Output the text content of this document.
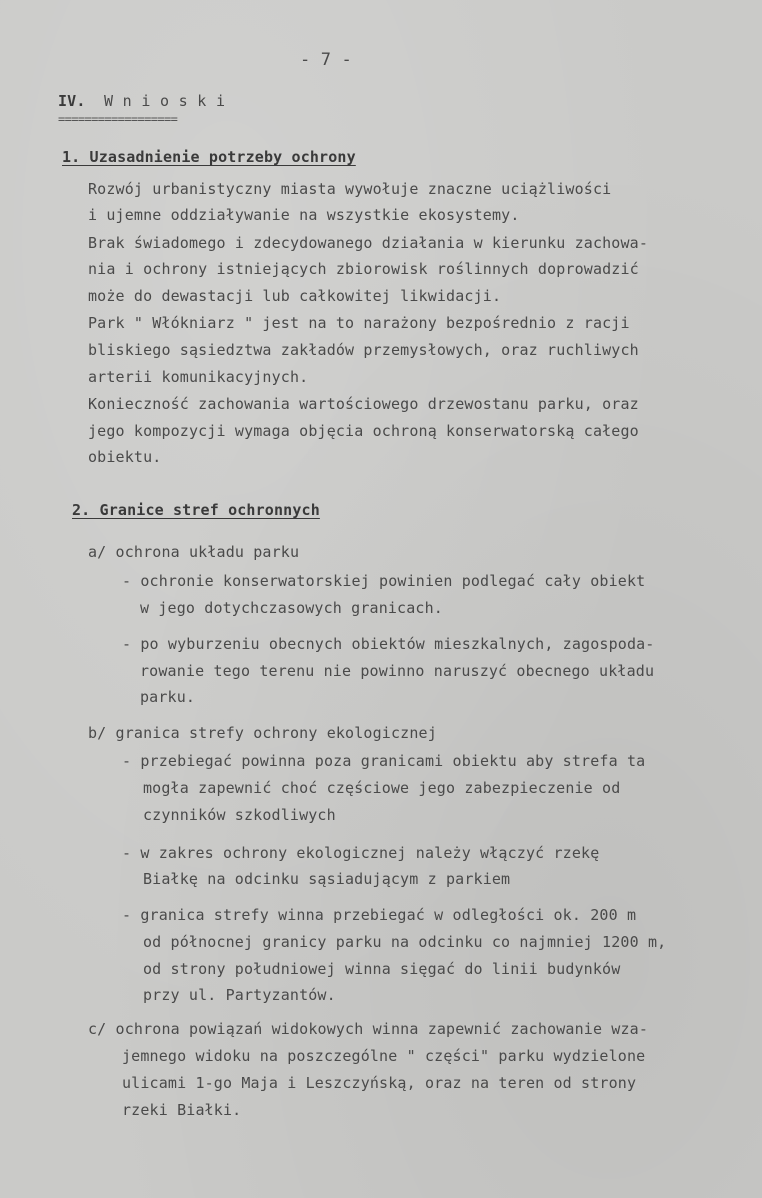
- 7 -
IV. W n i o s k i
==================
1. Uzasadnienie potrzeby ochrony
Rozwój urbanistyczny miasta wywołuje znaczne uciążliwości
i ujemne oddziaływanie na wszystkie ekosystemy.
Brak świadomego i zdecydowanego działania w kierunku zachowa-
nia i ochrony istniejących zbiorowisk roślinnych doprowadzić
może do dewastacji lub całkowitej likwidacji.
Park " Włókniarz " jest na to narażony bezpośrednio z racji
bliskiego sąsiedztwa zakładów przemysłowych, oraz ruchliwych
arterii komunikacyjnych.
Konieczność zachowania wartościowego drzewostanu parku, oraz
jego kompozycji wymaga objęcia ochroną konserwatorską całego
obiektu.
2. Granice stref ochronnych
a/ ochrona układu parku
- ochronie konserwatorskiej powinien podlegać cały obiekt
w jego dotychczasowych granicach.
- po wyburzeniu obecnych obiektów mieszkalnych, zagospoda-
rowanie tego terenu nie powinno naruszyć obecnego układu
parku.
b/ granica strefy ochrony ekologicznej
- przebiegać powinna poza granicami obiektu aby strefa ta
mogła zapewnić choć częściowe jego zabezpieczenie od
czynników szkodliwych
- w zakres ochrony ekologicznej należy włączyć rzekę
Białkę na odcinku sąsiadującym z parkiem
- granica strefy winna przebiegać w odległości ok. 200 m
od północnej granicy parku na odcinku co najmniej 1200 m,
od strony południowej winna sięgać do linii budynków
przy ul. Partyzantów.
c/ ochrona powiązań widokowych winna zapewnić zachowanie wza-
jemnego widoku na poszczególne " części" parku wydzielone
ulicami 1-go Maja i Leszczyńską, oraz na teren od strony
rzeki Białki.
